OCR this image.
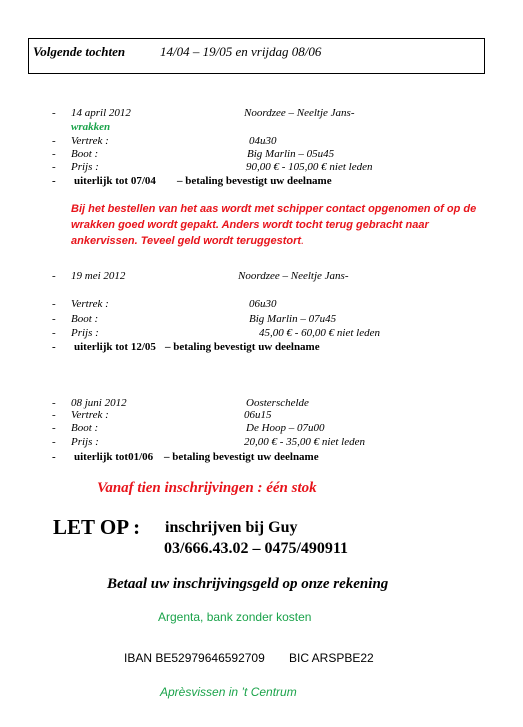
Volgende tochten	14/04 – 19/05 en vrijdag 08/06
- 14 april 2012	Noordzee – Neeltje Jans-
wrakken
- Vertrek :	04u30
- Boot :	Big Marlin – 05u45
- Prijs :	90,00 € - 105,00 € niet leden
- uiterlijk tot 07/04 – betaling bevestigt uw deelname
Bij het bestellen van het aas wordt met schipper contact opgenomen of op de wrakken goed wordt gepakt. Anders wordt tocht terug gebracht naar ankervissen. Teveel geld wordt teruggestort.
- 19 mei 2012	Noordzee – Neeltje Jans-
- Vertrek :	06u30
- Boot :	Big Marlin – 07u45
- Prijs :	45,00 € - 60,00 € niet leden
- uiterlijk tot 12/05 – betaling bevestigt uw deelname
- 08 juni 2012	Oosterschelde
- Vertrek :	06u15
- Boot :	De Hoop – 07u00
- Prijs :	20,00 € - 35,00 € niet leden
- uiterlijk tot01/06 – betaling bevestigt uw deelname
Vanaf tien inschrijvingen : één stok
LET OP : inschrijven bij Guy
03/666.43.02 – 0475/490911
Betaal uw inschrijvingsgeld op onze rekening
Argenta, bank zonder kosten
IBAN BE52979646592709 BIC ARSPBE22
Aprèsvissen in ’t Centrum
